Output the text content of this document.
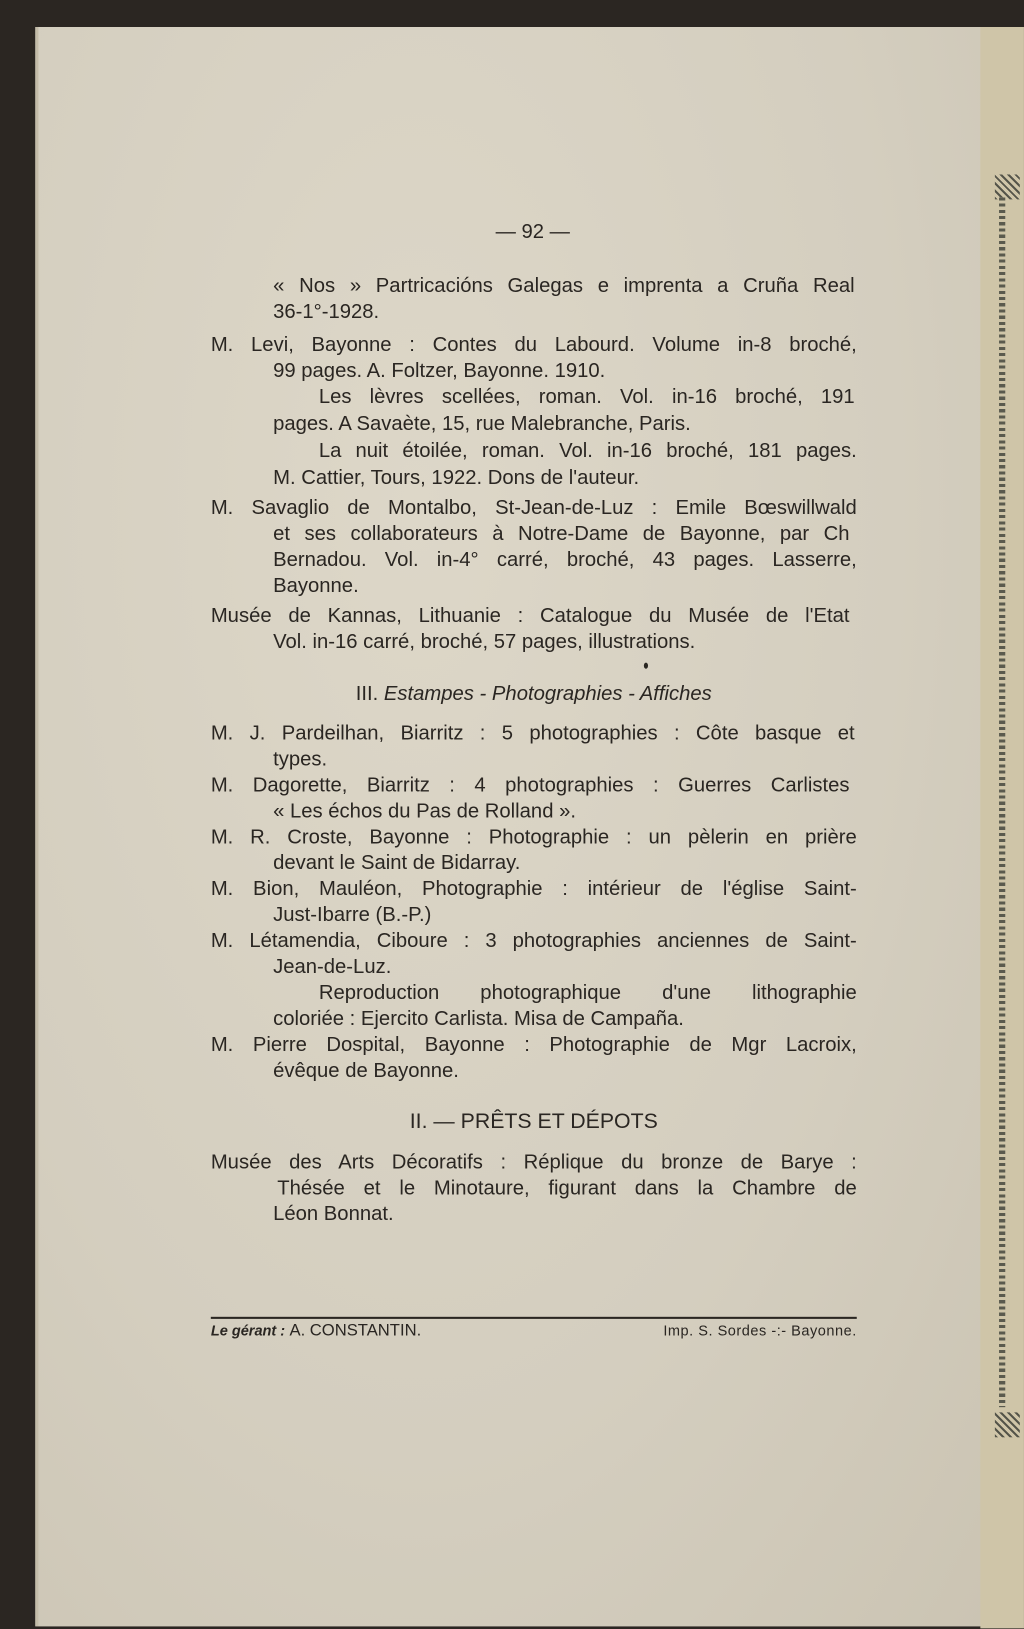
— 92 —
« Nos » Partricacións Galegas e imprenta a Cruña Real
36-1°-1928.
M. Levi, Bayonne : Contes du Labourd. Volume in-8 broché,
99 pages. A. Foltzer, Bayonne. 1910.
Les lèvres scellées, roman. Vol. in-16 broché, 191
pages. A Savaète, 15, rue Malebranche, Paris.
La nuit étoilée, roman. Vol. in-16 broché, 181 pages.
M. Cattier, Tours, 1922. Dons de l'auteur.
M. Savaglio de Montalbo, St-Jean-de-Luz : Emile Bœswillwald
et ses collaborateurs à Notre-Dame de Bayonne, par Ch
Bernadou. Vol. in-4° carré, broché, 43 pages. Lasserre,
Bayonne.
Musée de Kannas, Lithuanie : Catalogue du Musée de l'Etat
Vol. in-16 carré, broché, 57 pages, illustrations.
III. Estampes - Photographies - Affiches
M. J. Pardeilhan, Biarritz : 5 photographies : Côte basque et
types.
M. Dagorette, Biarritz : 4 photographies : Guerres Carlistes
« Les échos du Pas de Rolland ».
M. R. Croste, Bayonne : Photographie : un pèlerin en prière
devant le Saint de Bidarray.
M. Bion, Mauléon, Photographie : intérieur de l'église Saint-
Just-Ibarre (B.-P.)
M. Létamendia, Ciboure : 3 photographies anciennes de Saint-
Jean-de-Luz.
Reproduction photographique d'une lithographie
coloriée : Ejercito Carlista. Misa de Campaña.
M. Pierre Dospital, Bayonne : Photographie de Mgr Lacroix,
évêque de Bayonne.
II. — PRÊTS ET DÉPOTS
Musée des Arts Décoratifs : Réplique du bronze de Barye :
Thésée et le Minotaure, figurant dans la Chambre de
Léon Bonnat.
Le gérant : A. CONSTANTIN.	Imp. S. Sordes -:- Bayonne.
